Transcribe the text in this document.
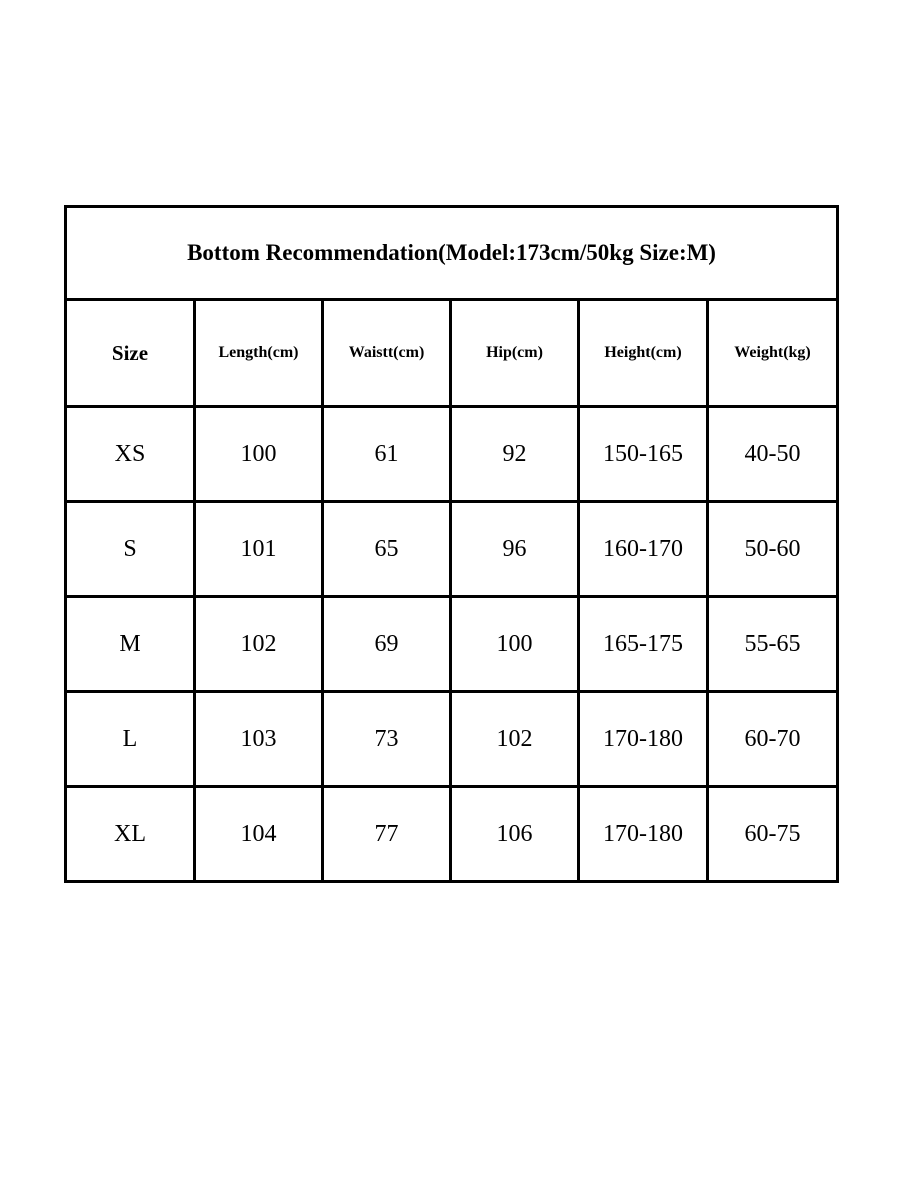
Bottom Recommendation(Model:173cm/50kg Size:M)					
Size	Length(cm)	Waistt(cm)	Hip(cm)	Height(cm)	Weight(kg)
XS	100	61	92	150-165	40-50
S	101	65	96	160-170	50-60
M	102	69	100	165-175	55-65
L	103	73	102	170-180	60-70
XL	104	77	106	170-180	60-75
